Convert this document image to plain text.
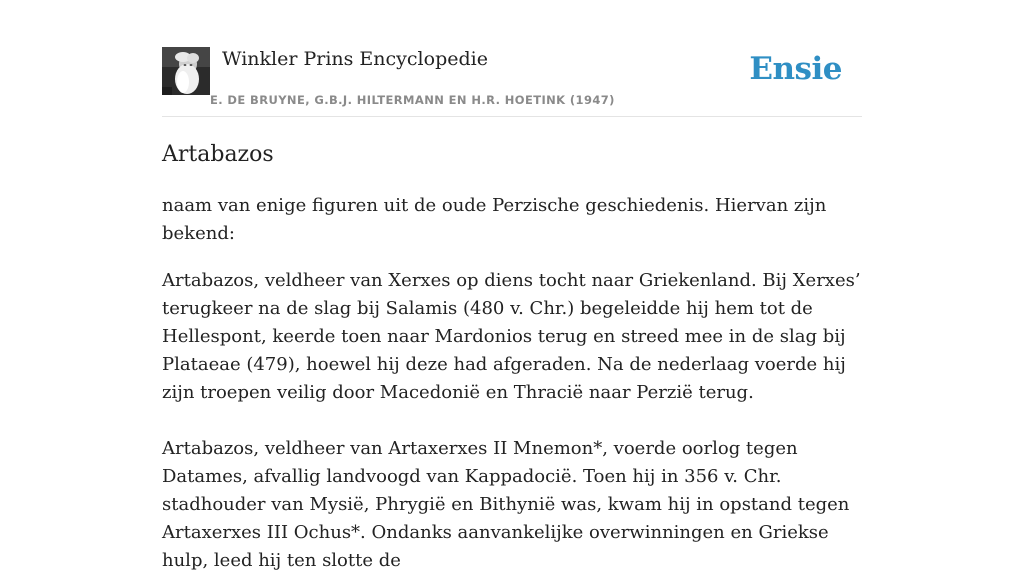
Winkler Prins Encyclopedie
E. DE BRUYNE, G.B.J. HILTERMANN EN H.R. HOETINK (1947)
Ensie
Artabazos

naam van enige figuren uit de oude Perzische geschiedenis. Hiervan zijn bekend:

Artabazos, veldheer van Xerxes op diens tocht naar Griekenland. Bij Xerxes’ terugkeer na de slag bij Salamis (480 v. Chr.) begeleidde hij hem tot de Hellespont, keerde toen naar Mardonios terug en streed mee in de slag bij Plataeae (479), hoewel hij deze had afgeraden. Na de nederlaag voerde hij zijn troepen veilig door Macedonië en Thracië naar Perzië terug.

Artabazos, veldheer van Artaxerxes II Mnemon*, voerde oorlog tegen Datames, afvallig landvoogd van Kappadocië. Toen hij in 356 v. Chr. stadhouder van Mysië, Phrygië en Bithynië was, kwam hij in opstand tegen Artaxerxes III Ochus*. Ondanks aanvankelijke overwinningen en Griekse hulp, leed hij ten slotte de
